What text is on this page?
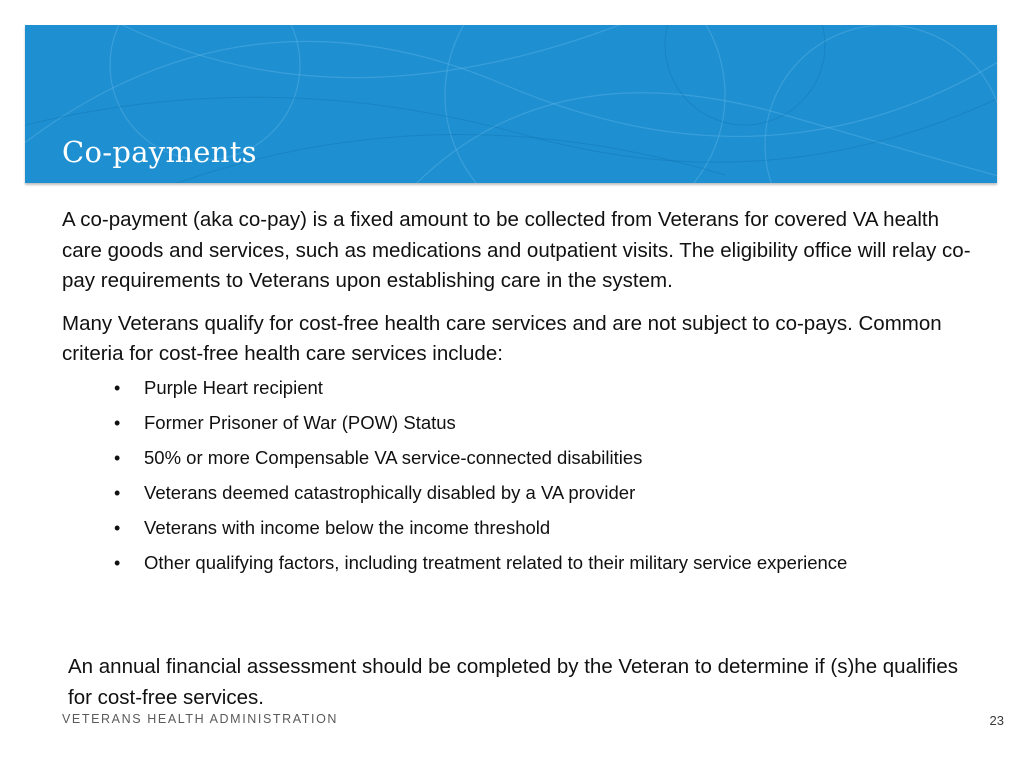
Co-payments

A co-payment (aka co-pay) is a fixed amount to be collected from Veterans for covered VA health care goods and services, such as medications and outpatient visits. The eligibility office will relay co-pay requirements to Veterans upon establishing care in the system.

Many Veterans qualify for cost-free health care services and are not subject to co-pays. Common criteria for cost-free health care services include:

• Purple Heart recipient
• Former Prisoner of War (POW) Status
• 50% or more Compensable VA service-connected disabilities
• Veterans deemed catastrophically disabled by a VA provider
• Veterans with income below the income threshold
• Other qualifying factors, including treatment related to their military service experience

An annual financial assessment should be completed by the Veteran to determine if (s)he qualifies for cost-free services.

VETERANS HEALTH ADMINISTRATION	23
